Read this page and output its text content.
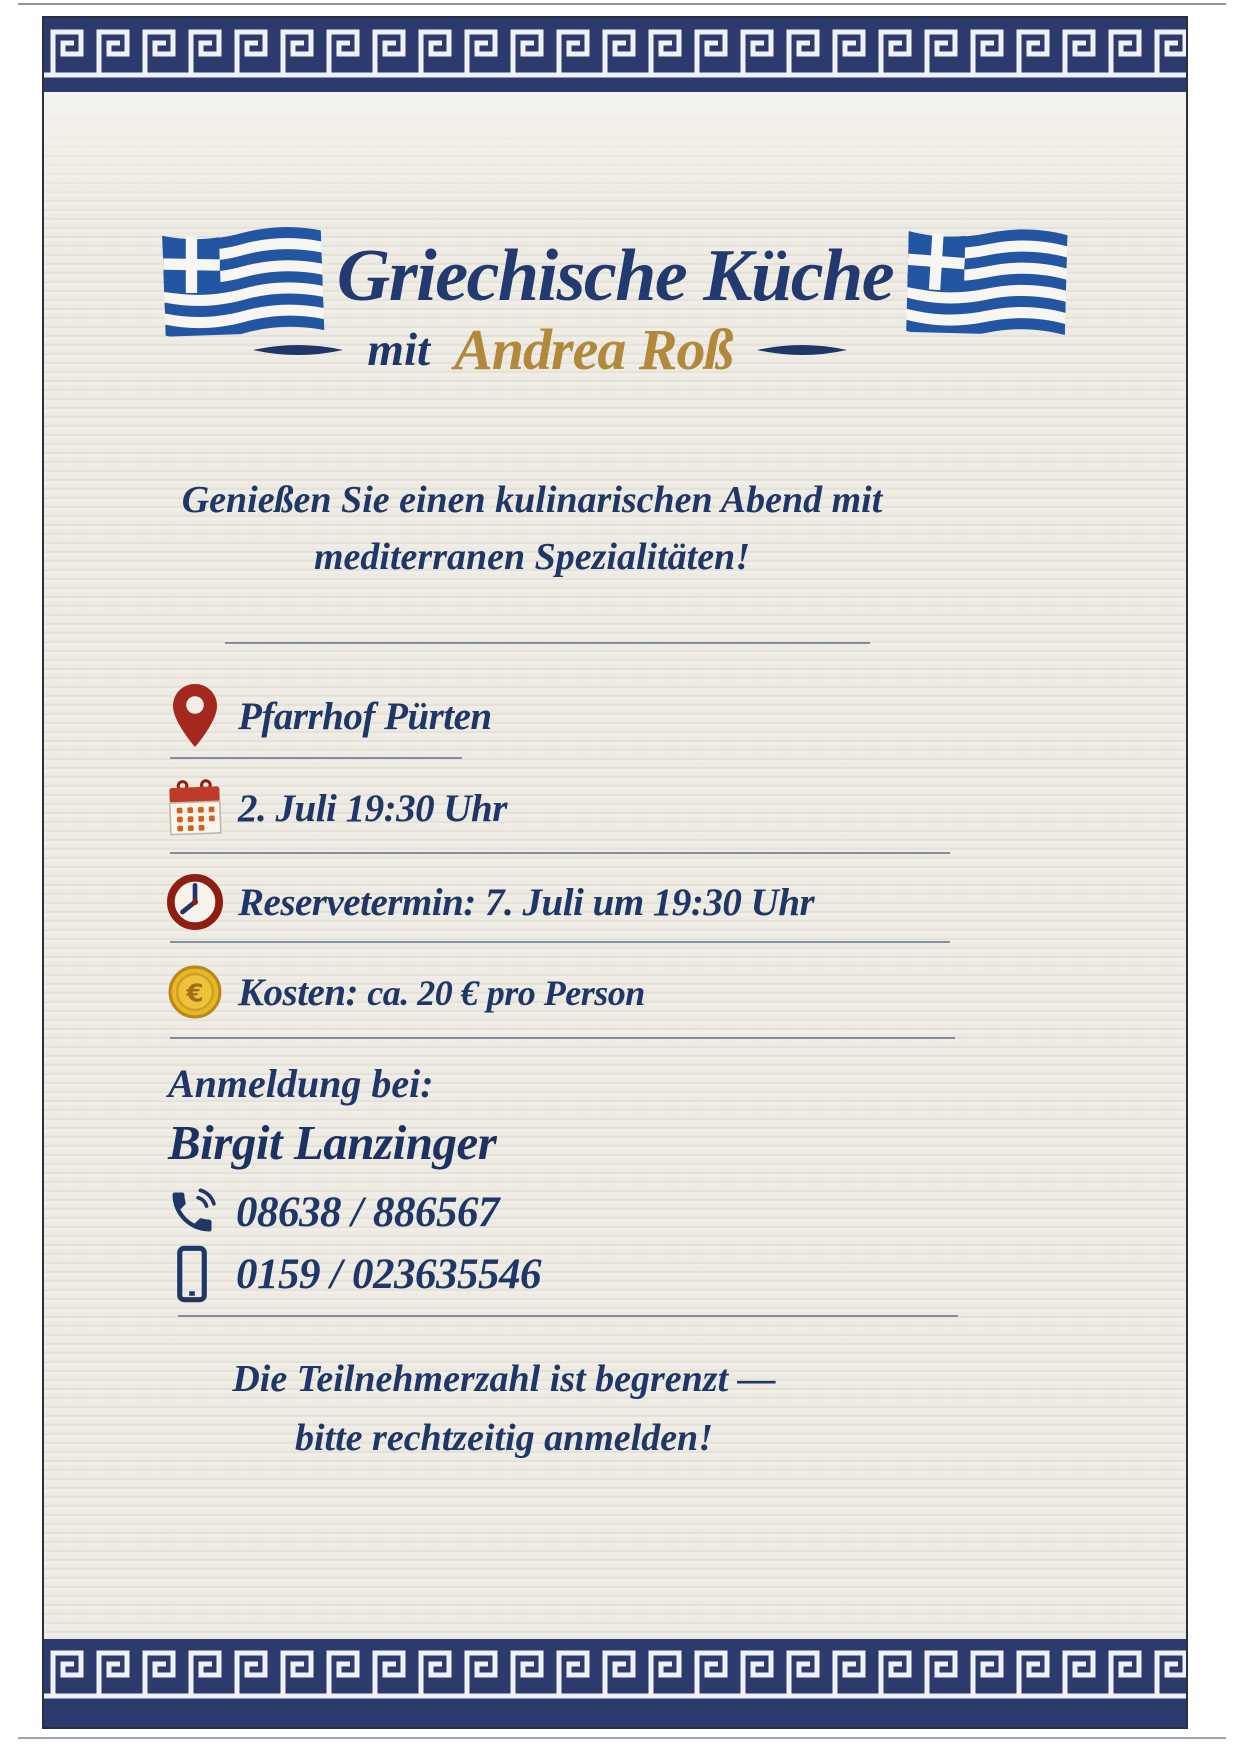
Griechische Küche
mit Andrea Roß
Genießen Sie einen kulinarischen Abend mit
mediterranen Spezialitäten!
Pfarrhof Pürten
2. Juli 19:30 Uhr
Reservetermin: 7. Juli um 19:30 Uhr
€ Kosten: ca. 20 € pro Person
Anmeldung bei:
Birgit Lanzinger
08638 / 886567
0159 / 023635546
Die Teilnehmerzahl ist begrenzt —
bitte rechtzeitig anmelden!
